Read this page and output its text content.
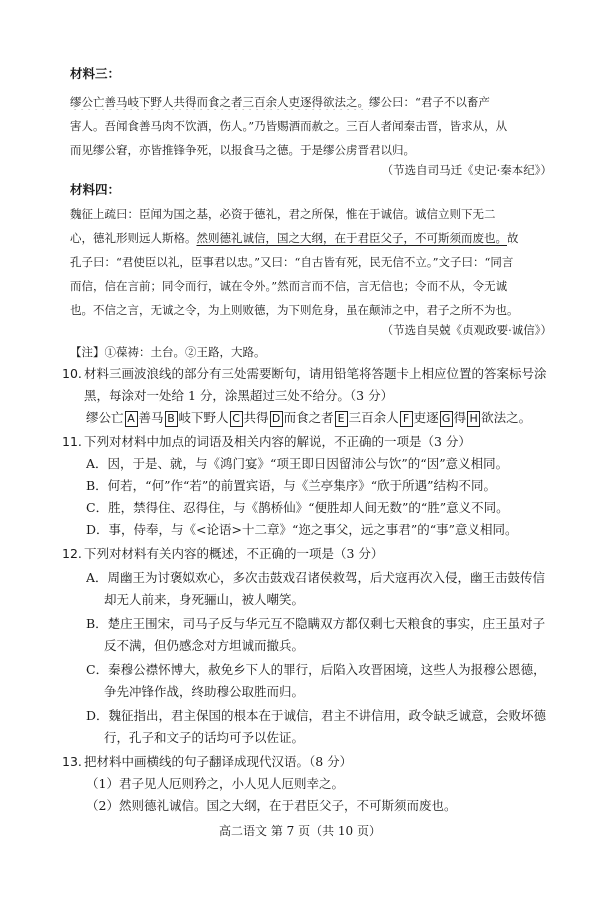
材料三：
缪公亡善马岐下野人共得而食之者三百余人吏逐得欲法之。缪公曰：“君子不以畜产
害人。吾闻食善马肉不饮酒，伤人。”乃皆赐酒而赦之。三百人者闻秦击晋，皆求从，从
而见缪公窘，亦皆推锋争死，以报食马之德。于是缪公虏晋君以归。
（节选自司马迁《史记·秦本纪》）
材料四：
魏征上疏曰：臣闻为国之基，必资于德礼，君之所保，惟在于诚信。诚信立则下无二
心，德礼形则远人斯格。然则德礼诚信，国之大纲，在于君臣父子，不可斯须而废也。故
孔子曰：“君使臣以礼，臣事君以忠。”又曰：“自古皆有死，民无信不立。”文子曰：“同言
而信，信在言前；同令而行，诚在令外。”然而言而不信，言无信也；令而不从，令无诚
也。不信之言，无诚之令，为上则败德，为下则危身，虽在颠沛之中，君子之所不为也。
（节选自吴兢《贞观政要·诚信》）
【注】①葆祷：土台。②王路，大路。
10. 材料三画波浪线的部分有三处需要断句，请用铅笔将答题卡上相应位置的答案标号涂
黑，每涂对一处给 1 分，涂黑超过三处不给分。（3 分）
缪公亡 A 善马 B 岐下野人 C 共得 D 而食之者 E 三百余人 F 吏逐 G 得 H 欲法之。
11. 下列对材料中加点的词语及相关内容的解说，不正确的一项是（3 分）
A．因，于是、就，与《鸿门宴》“项王即日因留沛公与饮”的“因”意义相同。
B．何若，“何”作“若”的前置宾语，与《兰亭集序》“欣于所遇”结构不同。
C．胜，禁得住、忍得住，与《鹊桥仙》“便胜却人间无数”的“胜”意义不同。
D．事，侍奉，与《<论语>十二章》“迩之事父，远之事君”的“事”意义相同。
12. 下列对材料有关内容的概述，不正确的一项是（3 分）
A．周幽王为讨褒姒欢心，多次击鼓戏召诸侯救驾，后犬寇再次入侵，幽王击鼓传信
却无人前来，身死骊山，被人嘲笑。
B．楚庄王围宋，司马子反与华元互不隐瞒双方都仅剩七天粮食的事实，庄王虽对子
反不满，但仍感念对方坦诚而撤兵。
C．秦穆公襟怀博大，赦免乡下人的罪行，后陷入攻晋困境，这些人为报穆公恩德，
争先冲锋作战，终助穆公取胜而归。
D．魏征指出，君主保国的根本在于诚信，君主不讲信用，政令缺乏诚意，会败坏德
行，孔子和文子的话均可予以佐证。
13. 把材料中画横线的句子翻译成现代汉语。（8 分）
（1）君子见人厄则矜之，小人见人厄则幸之。
（2）然则德礼诚信。国之大纲，在于君臣父子，不可斯须而废也。
高二语文 第 7 页（共 10 页）
